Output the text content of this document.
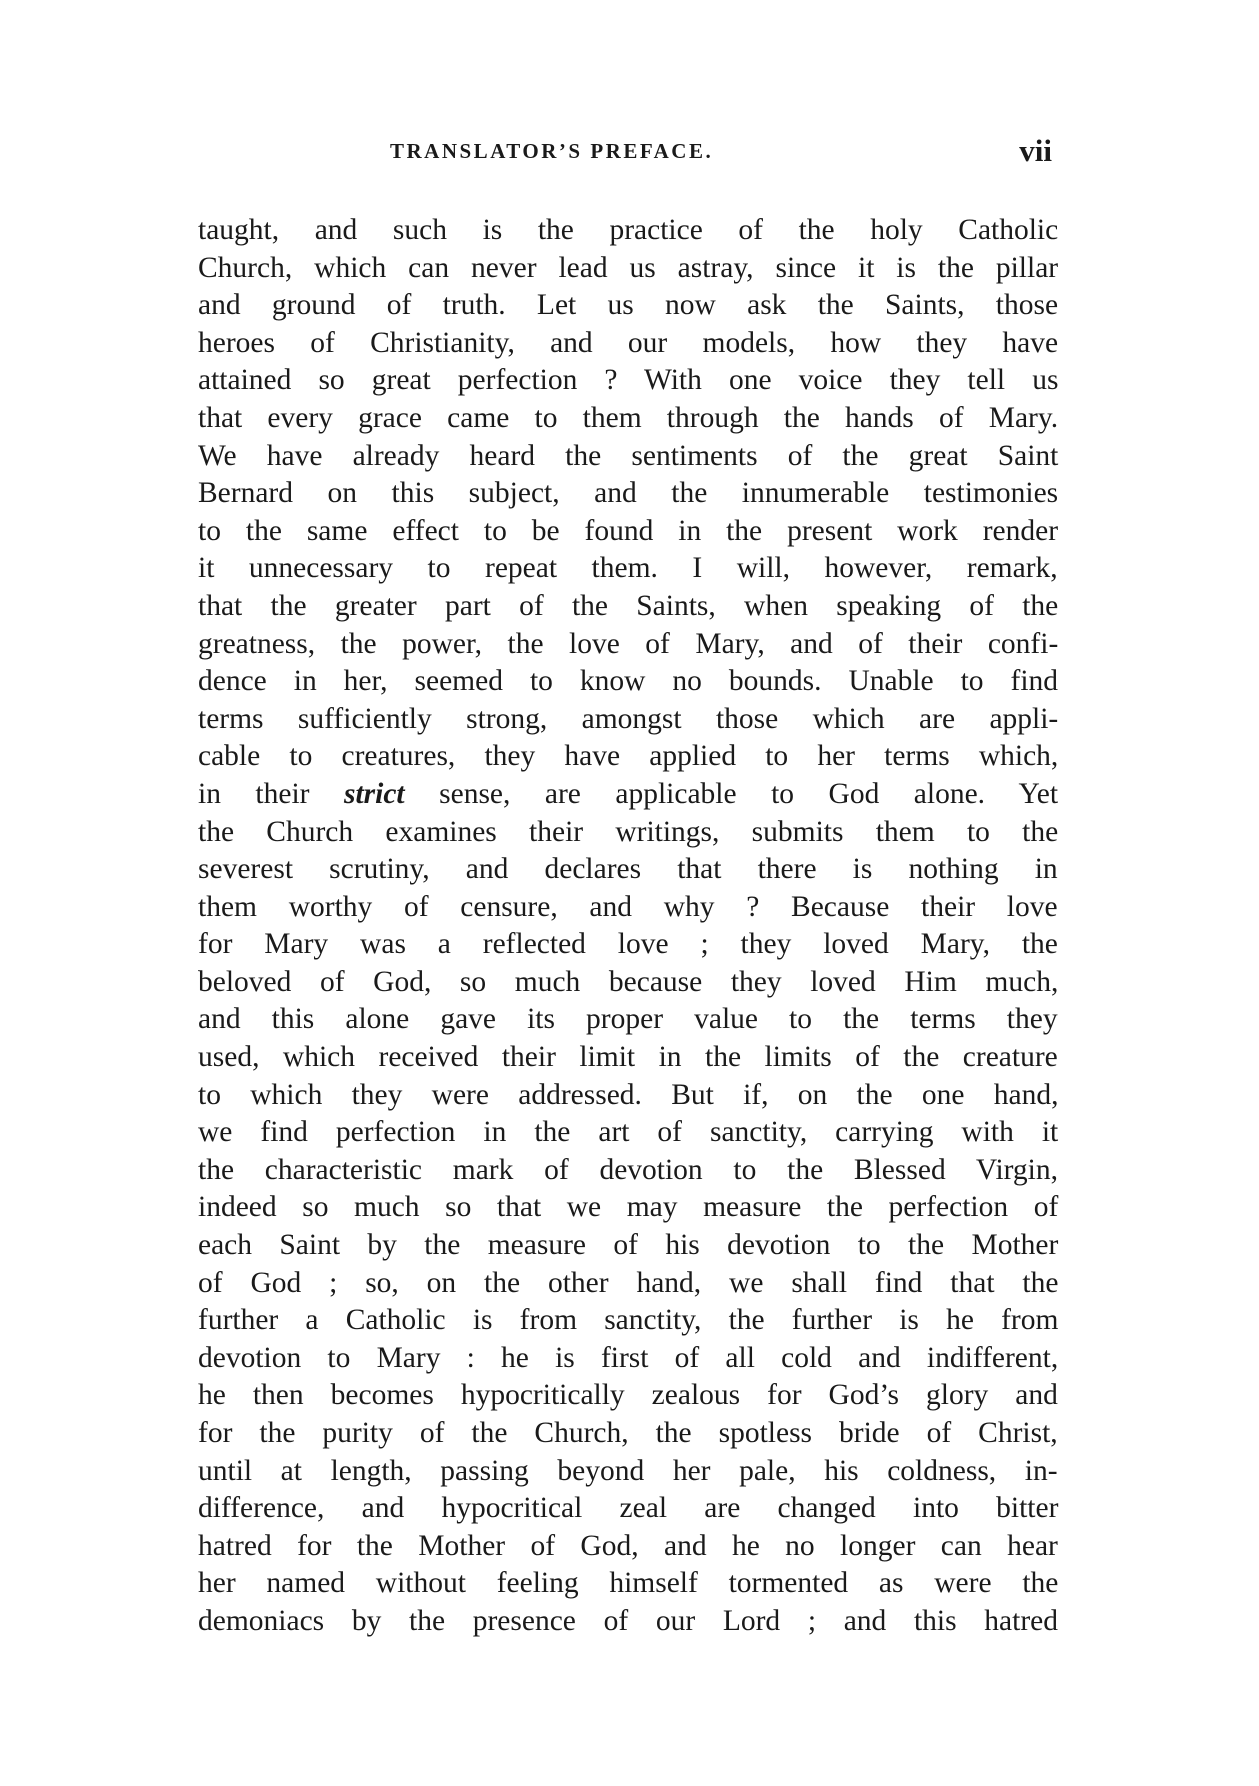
TRANSLATOR’S PREFACE.	vii
taught, and such is the practice of the holy Catholic
Church, which can never lead us astray, since it is the pillar
and ground of truth. Let us now ask the Saints, those
heroes of Christianity, and our models, how they have
attained so great perfection ? With one voice they tell us
that every grace came to them through the hands of Mary.
We have already heard the sentiments of the great Saint
Bernard on this subject, and the innumerable testimonies
to the same effect to be found in the present work render
it unnecessary to repeat them. I will, however, remark,
that the greater part of the Saints, when speaking of the
greatness, the power, the love of Mary, and of their confi-
dence in her, seemed to know no bounds. Unable to find
terms sufficiently strong, amongst those which are appli-
cable to creatures, they have applied to her terms which,
in their strict sense, are applicable to God alone. Yet
the Church examines their writings, submits them to the
severest scrutiny, and declares that there is nothing in
them worthy of censure, and why ? Because their love
for Mary was a reflected love ; they loved Mary, the
beloved of God, so much because they loved Him much,
and this alone gave its proper value to the terms they
used, which received their limit in the limits of the creature
to which they were addressed. But if, on the one hand,
we find perfection in the art of sanctity, carrying with it
the characteristic mark of devotion to the Blessed Virgin,
indeed so much so that we may measure the perfection of
each Saint by the measure of his devotion to the Mother
of God ; so, on the other hand, we shall find that the
further a Catholic is from sanctity, the further is he from
devotion to Mary : he is first of all cold and indifferent,
he then becomes hypocritically zealous for God’s glory and
for the purity of the Church, the spotless bride of Christ,
until at length, passing beyond her pale, his coldness, in-
difference, and hypocritical zeal are changed into bitter
hatred for the Mother of God, and he no longer can hear
her named without feeling himself tormented as were the
demoniacs by the presence of our Lord ; and this hatred
